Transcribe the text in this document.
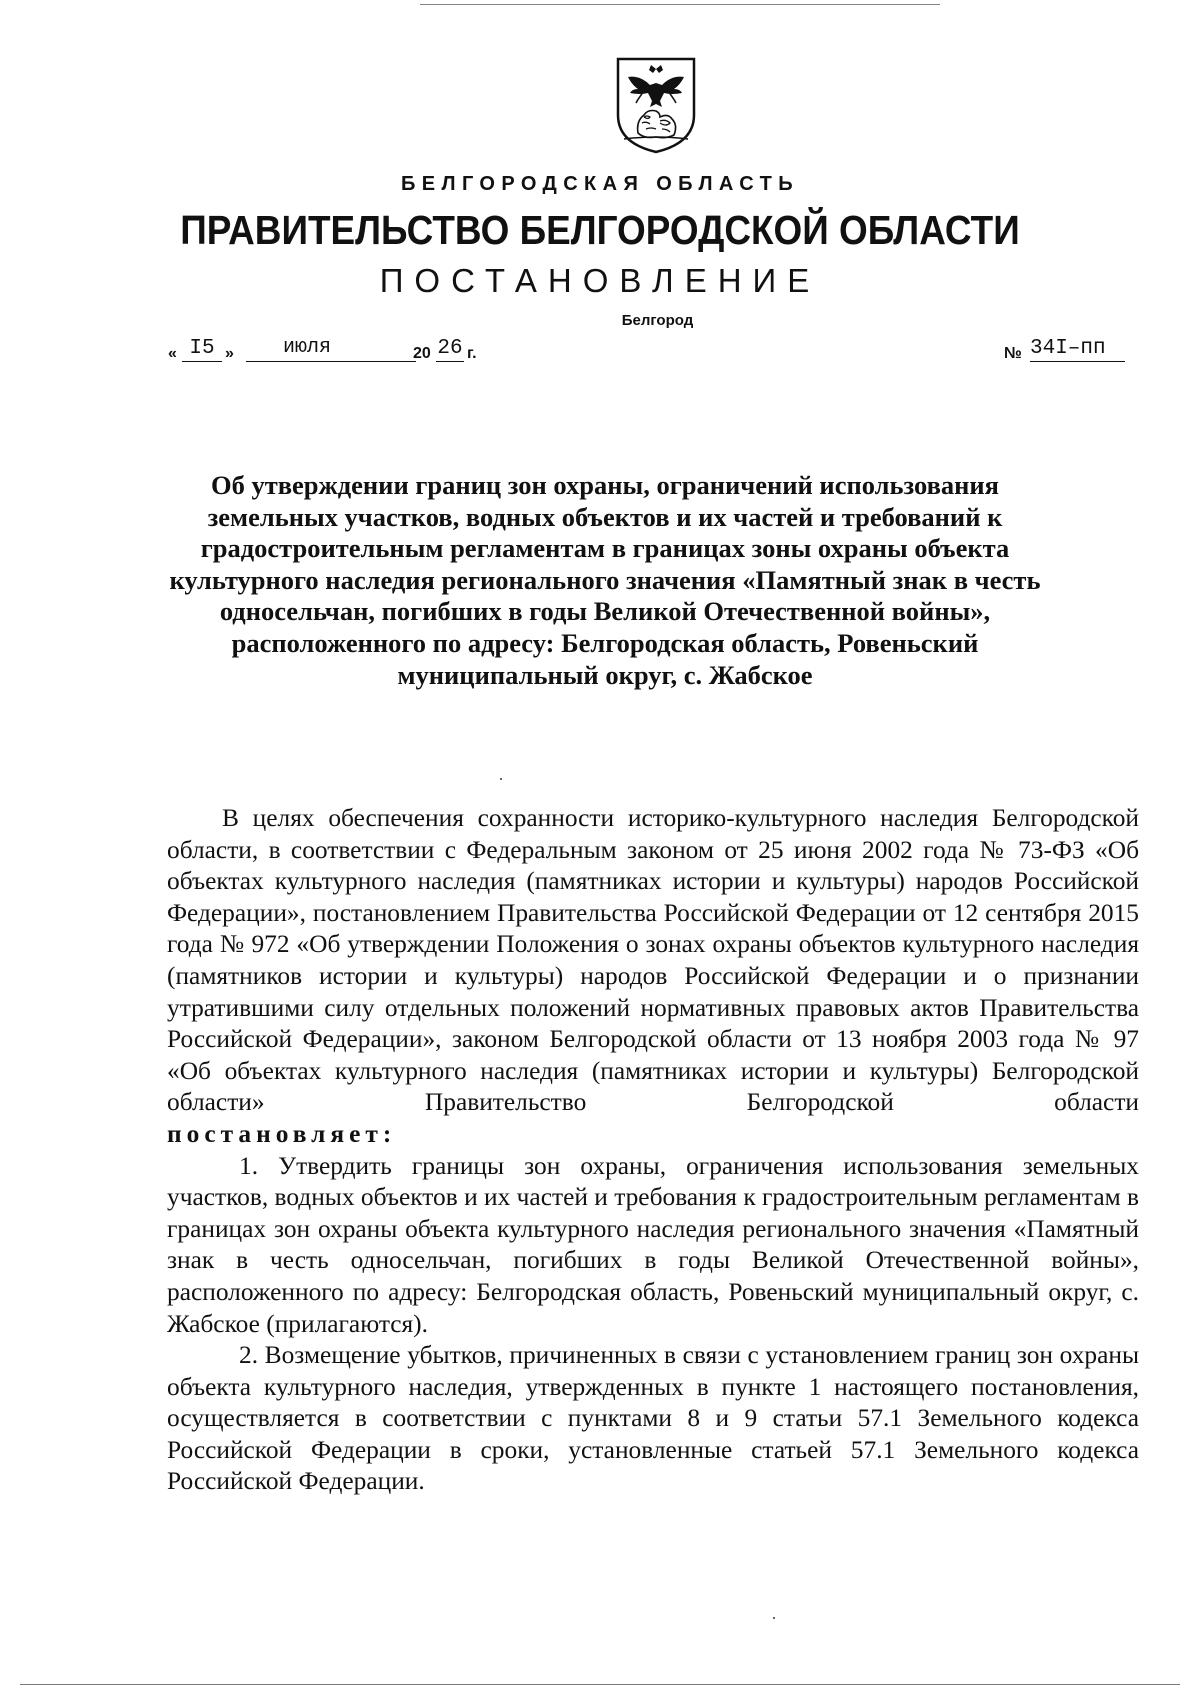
БЕЛГОРОДСКАЯ ОБЛАСТЬ
ПРАВИТЕЛЬСТВО БЕЛГОРОДСКОЙ ОБЛАСТИ
ПОСТАНОВЛЕНИЕ
Белгород
« I5 » июля	20 26 г.	№ 34I–пп

Об утверждении границ зон охраны, ограничений использования земельных участков, водных объектов и их частей и требований к градостроительным регламентам в границах зоны охраны объекта культурного наследия регионального значения «Памятный знак в честь односельчан, погибших в годы Великой Отечественной войны», расположенного по адресу: Белгородская область, Ровеньский муниципальный округ, с. Жабское

В целях обеспечения сохранности историко-культурного наследия Белгородской области, в соответствии с Федеральным законом от 25 июня 2002 года № 73-ФЗ «Об объектах культурного наследия (памятниках истории и культуры) народов Российской Федерации», постановлением Правительства Российской Федерации от 12 сентября 2015 года № 972 «Об утверждении Положения о зонах охраны объектов культурного наследия (памятников истории и культуры) народов Российской Федерации и о признании утратившими силу отдельных положений нормативных правовых актов Правительства Российской Федерации», законом Белгородской области от 13 ноября 2003 года № 97 «Об объектах культурного наследия (памятниках истории и культуры) Белгородской области» Правительство Белгородской области

постановляет:

1. Утвердить границы зон охраны, ограничения использования земельных участков, водных объектов и их частей и требования к градостроительным регламентам в границах зон охраны объекта культурного наследия регионального значения «Памятный знак в честь односельчан, погибших в годы Великой Отечественной войны», расположенного по адресу: Белгородская область, Ровеньский муниципальный округ, с. Жабское (прилагаются).

2. Возмещение убытков, причиненных в связи с установлением границ зон охраны объекта культурного наследия, утвержденных в пункте 1 настоящего постановления, осуществляется в соответствии с пунктами 8 и 9 статьи 57.1 Земельного кодекса Российской Федерации в сроки, установленные статьей 57.1 Земельного кодекса Российской Федерации.
